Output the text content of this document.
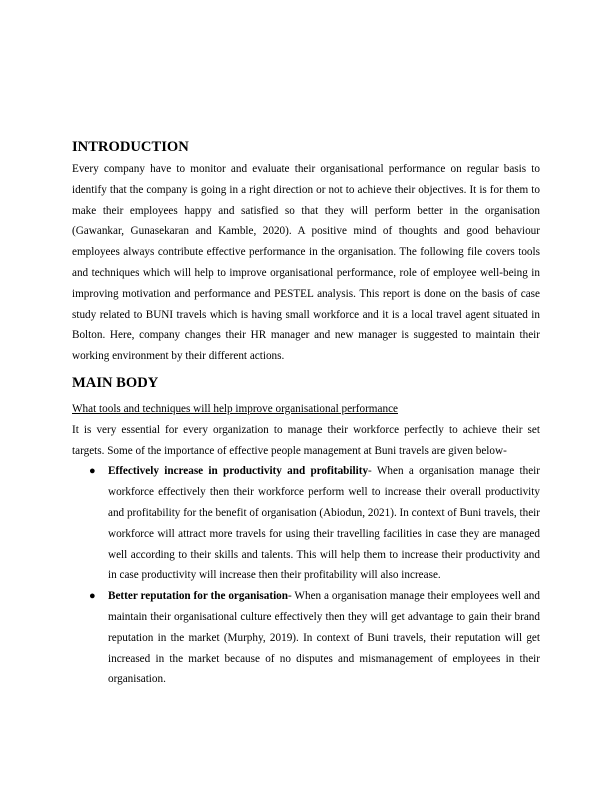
INTRODUCTION

Every company have to monitor and evaluate their organisational performance on regular basis to identify that the company is going in a right direction or not to achieve their objectives. It is for them to make their employees happy and satisfied so that they will perform better in the organisation (Gawankar, Gunasekaran and Kamble, 2020). A positive mind of thoughts and good behaviour employees always contribute effective performance in the organisation. The following file covers tools and techniques which will help to improve organisational performance, role of employee well-being in improving motivation and performance and PESTEL analysis. This report is done on the basis of case study related to BUNI travels which is having small workforce and it is a local travel agent situated in Bolton. Here, company changes their HR manager and new manager is suggested to maintain their working environment by their different actions.

MAIN BODY
What tools and techniques will help improve organisational performance

It is very essential for every organization to manage their workforce perfectly to achieve their set targets. Some of the importance of effective people management at Buni travels are given below-

● Effectively increase in productivity and profitability- When a organisation manage their workforce effectively then their workforce perform well to increase their overall productivity and profitability for the benefit of organisation (Abiodun, 2021). In context of Buni travels, their workforce will attract more travels for using their travelling facilities in case they are managed well according to their skills and talents. This will help them to increase their productivity and in case productivity will increase then their profitability will also increase.
● Better reputation for the organisation- When a organisation manage their employees well and maintain their organisational culture effectively then they will get advantage to gain their brand reputation in the market (Murphy, 2019). In context of Buni travels, their reputation will get increased in the market because of no disputes and mismanagement of employees in their organisation.
